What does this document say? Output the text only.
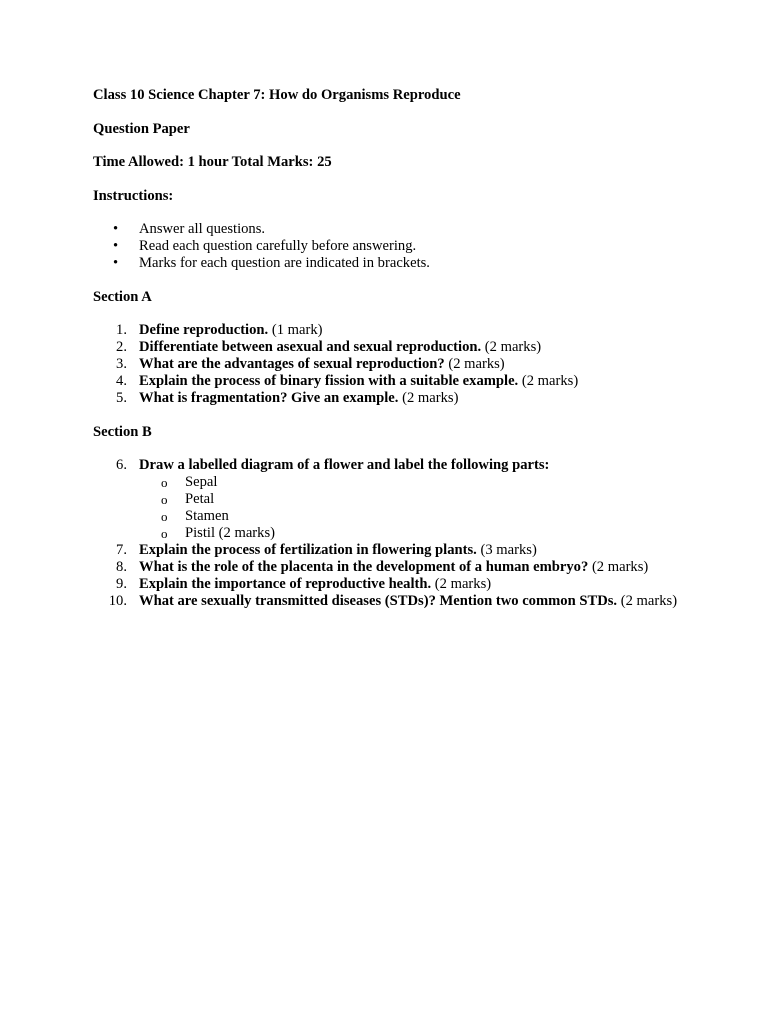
Class 10 Science Chapter 7: How do Organisms Reproduce
Question Paper
Time Allowed: 1 hour Total Marks: 25
Instructions:
• Answer all questions.
• Read each question carefully before answering.
• Marks for each question are indicated in brackets.
Section A
1. Define reproduction. (1 mark)
2. Differentiate between asexual and sexual reproduction. (2 marks)
3. What are the advantages of sexual reproduction? (2 marks)
4. Explain the process of binary fission with a suitable example. (2 marks)
5. What is fragmentation? Give an example. (2 marks)
Section B
6. Draw a labelled diagram of a flower and label the following parts:
o Sepal
o Petal
o Stamen
o Pistil (2 marks)
7. Explain the process of fertilization in flowering plants. (3 marks)
8. What is the role of the placenta in the development of a human embryo? (2 marks)
9. Explain the importance of reproductive health. (2 marks)
10. What are sexually transmitted diseases (STDs)? Mention two common STDs. (2 marks)
